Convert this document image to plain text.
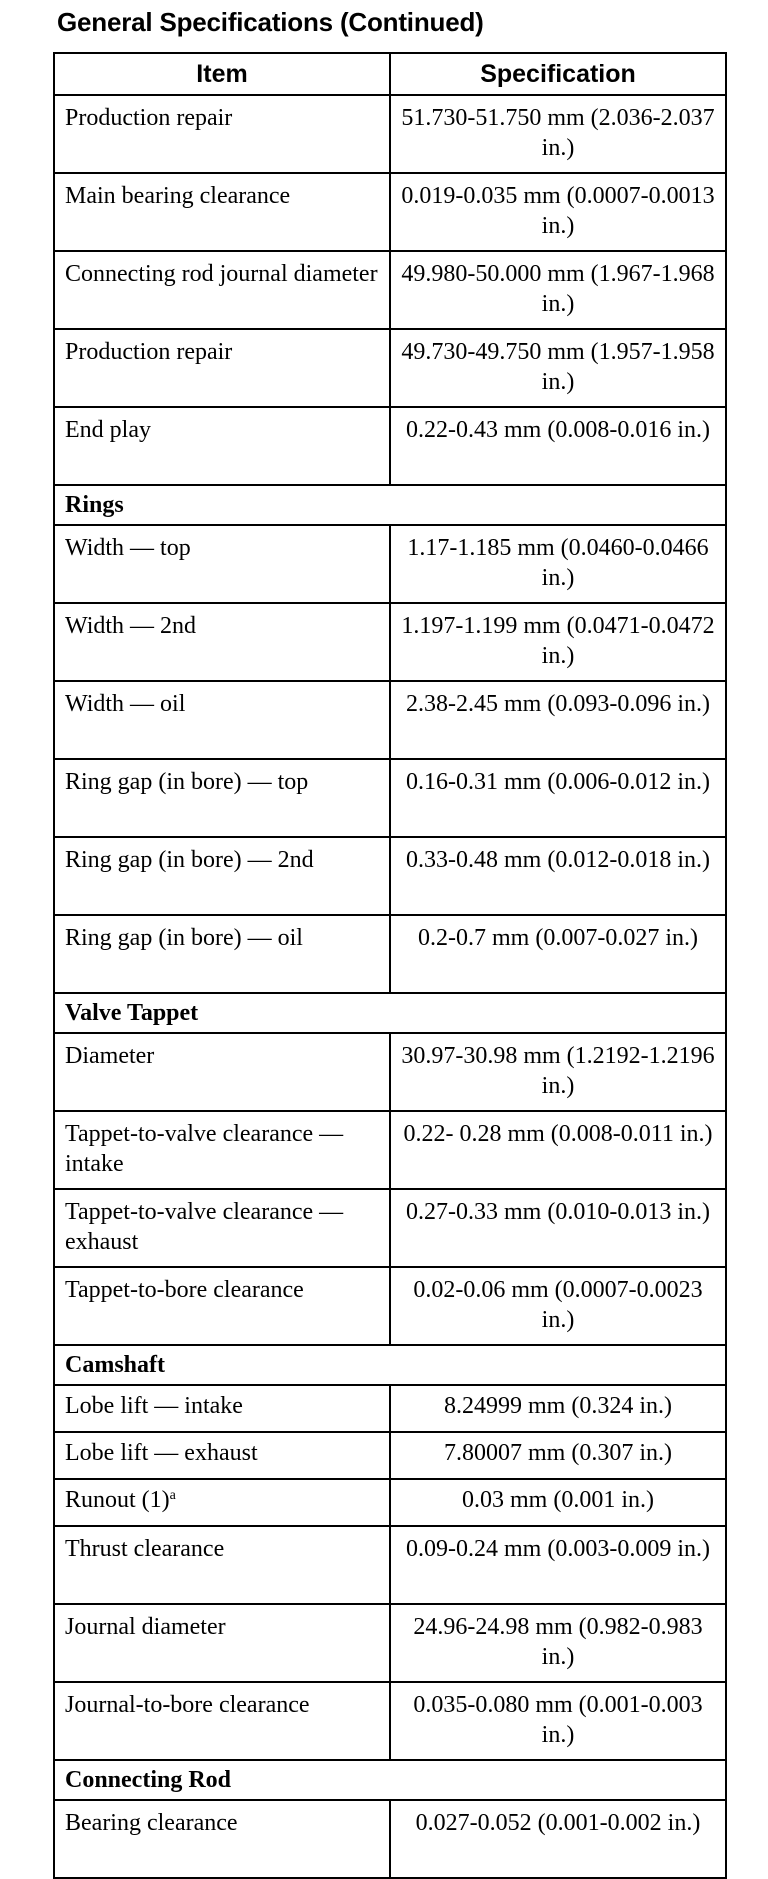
General Specifications (Continued)
Item	Specification
Production repair	51.730-51.750 mm (2.036-2.037 in.)
Main bearing clearance	0.019-0.035 mm (0.0007-0.0013 in.)
Connecting rod journal diameter	49.980-50.000 mm (1.967-1.968 in.)
Production repair	49.730-49.750 mm (1.957-1.958 in.)
End play	0.22-0.43 mm (0.008-0.016 in.)
Rings	
Width — top	1.17-1.185 mm (0.0460-0.0466 in.)
Width — 2nd	1.197-1.199 mm (0.0471-0.0472 in.)
Width — oil	2.38-2.45 mm (0.093-0.096 in.)
Ring gap (in bore) — top	0.16-0.31 mm (0.006-0.012 in.)
Ring gap (in bore) — 2nd	0.33-0.48 mm (0.012-0.018 in.)
Ring gap (in bore) — oil	0.2-0.7 mm (0.007-0.027 in.)
Valve Tappet	
Diameter	30.97-30.98 mm (1.2192-1.2196 in.)
Tappet-to-valve clearance — intake	0.22- 0.28 mm (0.008-0.011 in.)
Tappet-to-valve clearance — exhaust	0.27-0.33 mm (0.010-0.013 in.)
Tappet-to-bore clearance	0.02-0.06 mm (0.0007-0.0023 in.)
Camshaft	
Lobe lift — intake	8.24999 mm (0.324 in.)
Lobe lift — exhaust	7.80007 mm (0.307 in.)
Runout (1)$^a$	0.03 mm (0.001 in.)
Thrust clearance	0.09-0.24 mm (0.003-0.009 in.)
Journal diameter	24.96-24.98 mm (0.982-0.983 in.)
Journal-to-bore clearance	0.035-0.080 mm (0.001-0.003 in.)
Connecting Rod	
Bearing clearance	0.027-0.052 (0.001-0.002 in.)
